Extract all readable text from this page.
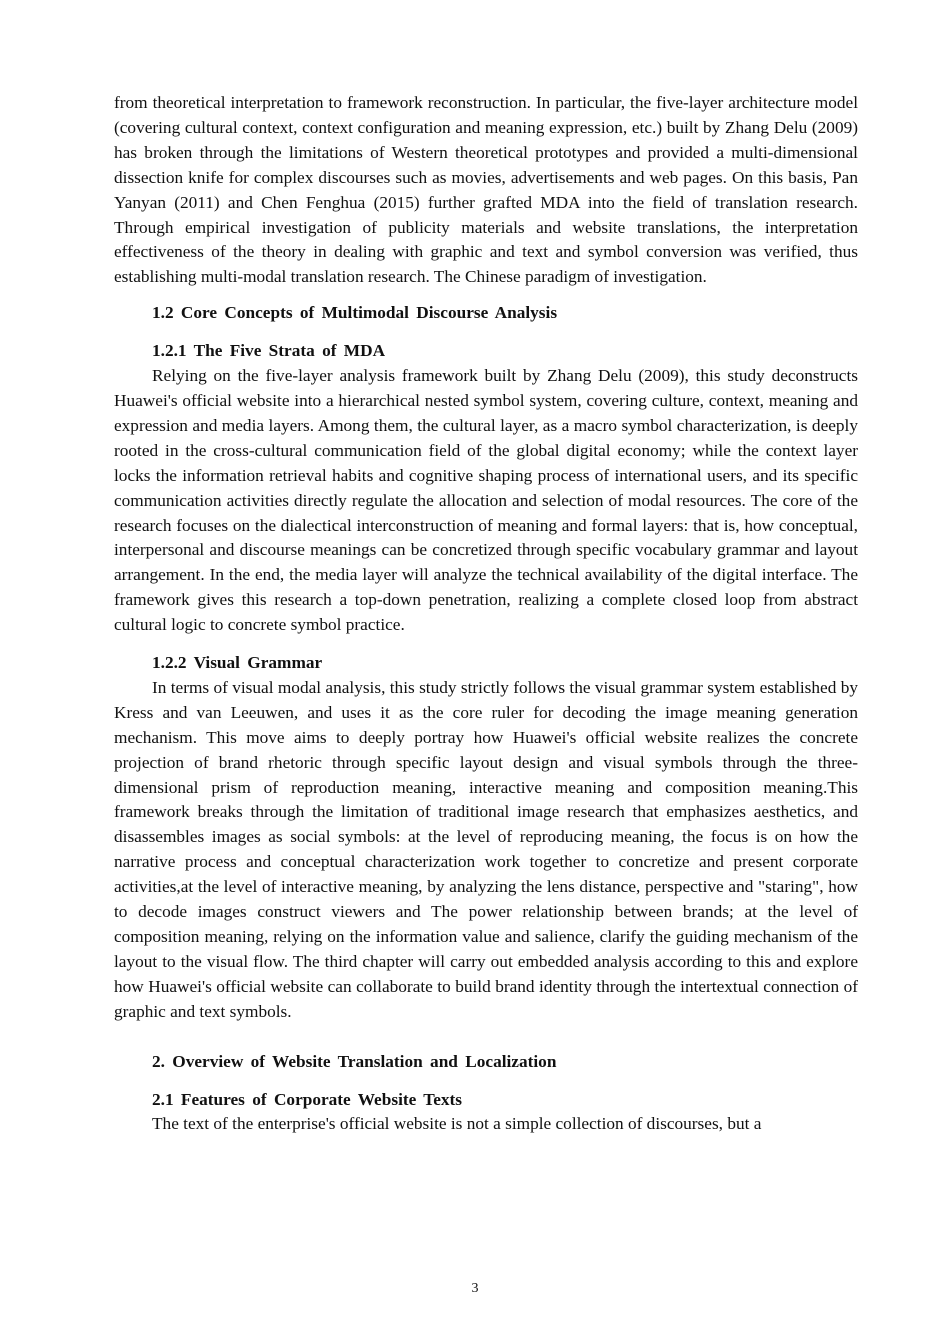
from theoretical interpretation to framework reconstruction. In particular, the five-layer architecture model (covering cultural context, context configuration and meaning expression, etc.) built by Zhang Delu (2009) has broken through the limitations of Western theoretical prototypes and provided a multi-dimensional dissection knife for complex discourses such as movies, advertisements and web pages. On this basis, Pan Yanyan (2011) and Chen Fenghua (2015) further grafted MDA into the field of translation research. Through empirical investigation of publicity materials and website translations, the interpretation effectiveness of the theory in dealing with graphic and text and symbol conversion was verified, thus establishing multi-modal translation research. The Chinese paradigm of investigation.

1.2 Core Concepts of Multimodal Discourse Analysis
1.2.1 The Five Strata of MDA

Relying on the five-layer analysis framework built by Zhang Delu (2009), this study deconstructs Huawei's official website into a hierarchical nested symbol system, covering culture, context, meaning and expression and media layers. Among them, the cultural layer, as a macro symbol characterization, is deeply rooted in the cross-cultural communication field of the global digital economy; while the context layer locks the information retrieval habits and cognitive shaping process of international users, and its specific communication activities directly regulate the allocation and selection of modal resources. The core of the research focuses on the dialectical interconstruction of meaning and formal layers: that is, how conceptual, interpersonal and discourse meanings can be concretized through specific vocabulary grammar and layout arrangement. In the end, the media layer will analyze the technical availability of the digital interface. The framework gives this research a top-down penetration, realizing a complete closed loop from abstract cultural logic to concrete symbol practice.

1.2.2 Visual Grammar

In terms of visual modal analysis, this study strictly follows the visual grammar system established by Kress and van Leeuwen, and uses it as the core ruler for decoding the image meaning generation mechanism. This move aims to deeply portray how Huawei's official website realizes the concrete projection of brand rhetoric through specific layout design and visual symbols through the three-dimensional prism of reproduction meaning, interactive meaning and composition meaning.This framework breaks through the limitation of traditional image research that emphasizes aesthetics, and disassembles images as social symbols: at the level of reproducing meaning, the focus is on how the narrative process and conceptual characterization work together to concretize and present corporate activities,at the level of interactive meaning, by analyzing the lens distance, perspective and "staring", how to decode images construct viewers and The power relationship between brands; at the level of composition meaning, relying on the information value and salience, clarify the guiding mechanism of the layout to the visual flow. The third chapter will carry out embedded analysis according to this and explore how Huawei's official website can collaborate to build brand identity through the intertextual connection of graphic and text symbols.

2. Overview of Website Translation and Localization
2.1 Features of Corporate Website Texts

The text of the enterprise's official website is not a simple collection of discourses, but a

3
